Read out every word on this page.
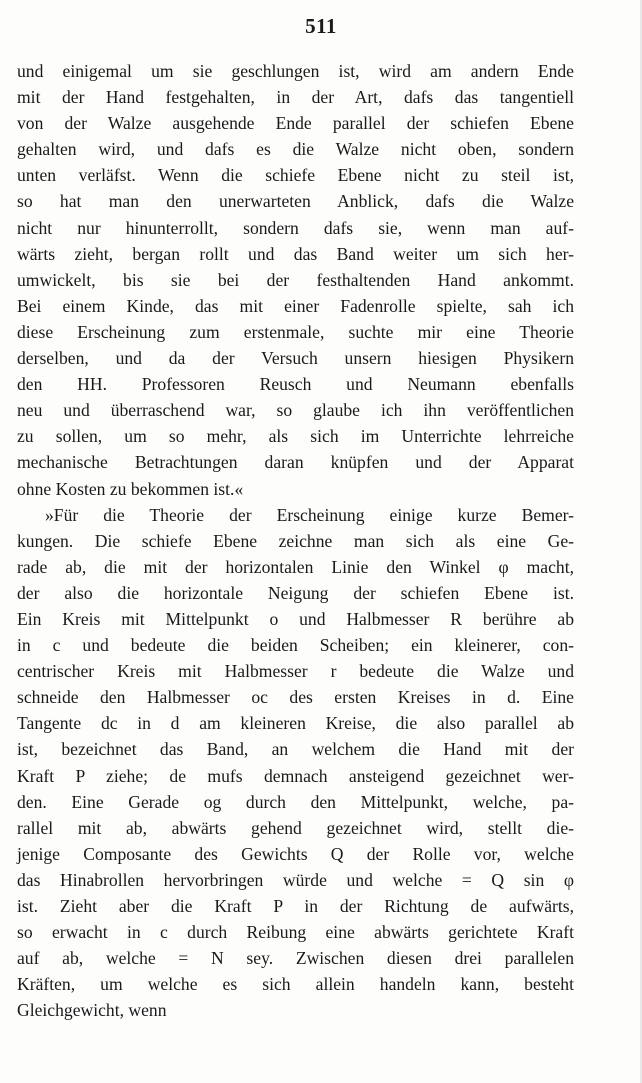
511
und einigemal um sie geschlungen ist, wird am andern Ende
mit der Hand festgehalten, in der Art, dafs das tangentiell
von der Walze ausgehende Ende parallel der schiefen Ebene
gehalten wird, und dafs es die Walze nicht oben, sondern
unten verläfst. Wenn die schiefe Ebene nicht zu steil ist,
so hat man den unerwarteten Anblick, dafs die Walze
nicht nur hinunterrollt, sondern dafs sie, wenn man auf-
wärts zieht, bergan rollt und das Band weiter um sich her-
umwickelt, bis sie bei der festhaltenden Hand ankommt.
Bei einem Kinde, das mit einer Fadenrolle spielte, sah ich
diese Erscheinung zum erstenmale, suchte mir eine Theorie
derselben, und da der Versuch unsern hiesigen Physikern
den HH. Professoren Reusch und Neumann ebenfalls
neu und überraschend war, so glaube ich ihn veröffentlichen
zu sollen, um so mehr, als sich im Unterrichte lehrreiche
mechanische Betrachtungen daran knüpfen und der Apparat
ohne Kosten zu bekommen ist.«
»Für die Theorie der Erscheinung einige kurze Bemer-
kungen. Die schiefe Ebene zeichne man sich als eine Ge-
rade ab, die mit der horizontalen Linie den Winkel φ macht,
der also die horizontale Neigung der schiefen Ebene ist.
Ein Kreis mit Mittelpunkt o und Halbmesser R berühre ab
in c und bedeute die beiden Scheiben; ein kleinerer, con-
centrischer Kreis mit Halbmesser r bedeute die Walze und
schneide den Halbmesser oc des ersten Kreises in d. Eine
Tangente dc in d am kleineren Kreise, die also parallel ab
ist, bezeichnet das Band, an welchem die Hand mit der
Kraft P ziehe; de mufs demnach ansteigend gezeichnet wer-
den. Eine Gerade og durch den Mittelpunkt, welche, pa-
rallel mit ab, abwärts gehend gezeichnet wird, stellt die-
jenige Composante des Gewichts Q der Rolle vor, welche
das Hinabrollen hervorbringen würde und welche = Q sin φ
ist. Zieht aber die Kraft P in der Richtung de aufwärts,
so erwacht in c durch Reibung eine abwärts gerichtete Kraft
auf ab, welche = N sey. Zwischen diesen drei parallelen
Kräften, um welche es sich allein handeln kann, besteht
Gleichgewicht, wenn
